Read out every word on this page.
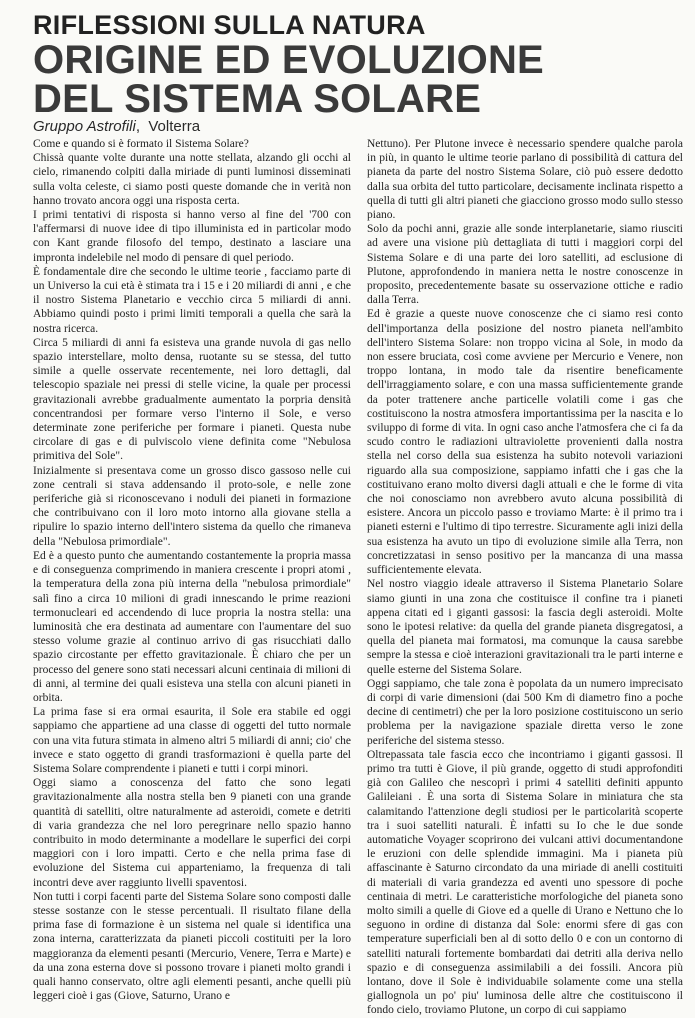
RIFLESSIONI SULLA NATURA
ORIGINE ED EVOLUZIONE
DEL SISTEMA SOLARE
Gruppo Astrofili, Volterra

Come e quando si è formato il Sistema Solare?

Chissà quante volte durante una notte stellata, alzando gli occhi al cielo, rimanendo colpiti dalla miriade di punti luminosi disseminati sulla volta celeste, ci siamo posti queste domande che in verità non hanno trovato ancora oggi una risposta certa.

I primi tentativi di risposta si hanno verso al fine del '700 con l'affermarsi di nuove idee di tipo illuminista ed in particolar modo con Kant grande filosofo del tempo, destinato a lasciare una impronta indelebile nel modo di pensare di quel periodo.

È fondamentale dire che secondo le ultime teorie , facciamo parte di un Universo la cui età è stimata tra i 15 e i 20 miliardi di anni , e che il nostro Sistema Planetario e vecchio circa 5 miliardi di anni. Abbiamo quindi posto i primi limiti temporali a quella che sarà la nostra ricerca.

Circa 5 miliardi di anni fa esisteva una grande nuvola di gas nello spazio interstellare, molto densa, ruotante su se stessa, del tutto simile a quelle osservate recentemente, nei loro dettagli, dal telescopio spaziale nei pressi di stelle vicine, la quale per processi gravitazionali avrebbe gradualmente aumentato la porpria densità concentrandosi per formare verso l'interno il Sole, e verso determinate zone periferiche per formare i pianeti. Questa nube circolare di gas e di pulviscolo viene definita come "Nebulosa primitiva del Sole".

Inizialmente si presentava come un grosso disco gassoso nelle cui zone centrali si stava addensando il proto-sole, e nelle zone periferiche già si riconoscevano i noduli dei pianeti in formazione che contribuivano con il loro moto intorno alla giovane stella a ripulire lo spazio interno dell'intero sistema da quello che rimaneva della "Nebulosa primordiale".

Ed è a questo punto che aumentando costantemente la propria massa e di conseguenza comprimendo in maniera crescente i propri atomi , la temperatura della zona più interna della "nebulosa primordiale" salì fino a circa 10 milioni di gradi innescando le prime reazioni termonucleari ed accendendo di luce propria la nostra stella: una luminosità che era destinata ad aumentare con l'aumentare del suo stesso volume grazie al continuo arrivo di gas risucchiati dallo spazio circostante per effetto gravitazionale. È chiaro che per un processo del genere sono stati necessari alcuni centinaia di milioni di di anni, al termine dei quali esisteva una stella con alcuni pianeti in orbita.

La prima fase si era ormai esaurita, il Sole era stabile ed oggi sappiamo che appartiene ad una classe di oggetti del tutto normale con una vita futura stimata in almeno altri 5 miliardi di anni; cio' che invece e stato oggetto di grandi trasformazioni è quella parte del Sistema Solare comprendente i pianeti e tutti i corpi minori.

Oggi siamo a conoscenza del fatto che sono legati gravitazionalmente alla nostra stella ben 9 pianeti con una grande quantità di satelliti, oltre naturalmente ad asteroidi, comete e detriti di varia grandezza che nel loro peregrinare nello spazio hanno contribuito in modo determinante a modellare le superfici dei corpi maggiori con i loro impatti. Certo e che nella prima fase di evoluzione del Sistema cui apparteniamo, la frequenza di tali incontri deve aver raggiunto livelli spaventosi.

Non tutti i corpi facenti parte del Sistema Solare sono composti dalle stesse sostanze con le stesse percentuali. Il risultato filane della prima fase di formazione è un sistema nel quale si identifica una zona interna, caratterizzata da pianeti piccoli costituiti per la loro maggioranza da elementi pesanti (Mercurio, Venere, Terra e Marte) e da una zona esterna dove si possono trovare i pianeti molto grandi i quali hanno conservato, oltre agli elementi pesanti, anche quelli più leggeri cioè i gas (Giove, Saturno, Urano e

Nettuno). Per Plutone invece è necessario spendere qualche parola in più, in quanto le ultime teorie parlano di possibilità di cattura del pianeta da parte del nostro Sistema Solare, ciò può essere dedotto dalla sua orbita del tutto particolare, decisamente inclinata rispetto a quella di tutti gli altri pianeti che giacciono grosso modo sullo stesso piano.

Solo da pochi anni, grazie alle sonde interplanetarie, siamo riusciti ad avere una visione più dettagliata di tutti i maggiori corpi del Sistema Solare e di una parte dei loro satelliti, ad esclusione di Plutone, approfondendo in maniera netta le nostre conoscenze in proposito, precedentemente basate su osservazione ottiche e radio dalla Terra.

Ed è grazie a queste nuove conoscenze che ci siamo resi conto dell'importanza della posizione del nostro pianeta nell'ambito dell'intero Sistema Solare: non troppo vicina al Sole, in modo da non essere bruciata, così come avviene per Mercurio e Venere, non troppo lontana, in modo tale da risentire beneficamente dell'irraggiamento solare, e con una massa sufficientemente grande da poter trattenere anche particelle volatili come i gas che costituiscono la nostra atmosfera importantissima per la nascita e lo sviluppo di forme di vita. In ogni caso anche l'atmosfera che ci fa da scudo contro le radiazioni ultraviolette provenienti dalla nostra stella nel corso della sua esistenza ha subito notevoli variazioni riguardo alla sua composizione, sappiamo infatti che i gas che la costituivano erano molto diversi dagli attuali e che le forme di vita che noi conosciamo non avrebbero avuto alcuna possibilità di esistere. Ancora un piccolo passo e troviamo Marte: è il primo tra i pianeti esterni e l'ultimo di tipo terrestre. Sicuramente agli inizi della sua esistenza ha avuto un tipo di evoluzione simile alla Terra, non concretizzatasi in senso positivo per la mancanza di una massa sufficientemente elevata.

Nel nostro viaggio ideale attraverso il Sistema Planetario Solare siamo giunti in una zona che costituisce il confine tra i pianeti appena citati ed i giganti gassosi: la fascia degli asteroidi. Molte sono le ipotesi relative: da quella del grande pianeta disgregatosi, a quella del pianeta mai formatosi, ma comunque la causa sarebbe sempre la stessa e cioè interazioni gravitazionali tra le parti interne e quelle esterne del Sistema Solare.

Oggi sappiamo, che tale zona è popolata da un numero imprecisato di corpi di varie dimensioni (dai 500 Km di diametro fino a poche decine di centimetri) che per la loro posizione costituiscono un serio problema per la navigazione spaziale diretta verso le zone periferiche del sistema stesso.

Oltrepassata tale fascia ecco che incontriamo i giganti gassosi. Il primo tra tutti è Giove, il più grande, oggetto di studi approfonditi già con Galileo che nescoprì i primi 4 satelliti definiti appunto Galileiani . È una sorta di Sistema Solare in miniatura che sta calamitando l'attenzione degli studiosi per le particolarità scoperte tra i suoi satelliti naturali. È infatti su Io che le due sonde automatiche Voyager scoprirono dei vulcani attivi documentandone le eruzioni con delle splendide immagini. Ma i pianeta più affascinante è Saturno circondato da una miriade di anelli costituiti di materiali di varia grandezza ed aventi uno spessore di poche centinaia di metri. Le caratteristiche morfologiche del pianeta sono molto simili a quelle di Giove ed a quelle di Urano e Nettuno che lo seguono in ordine di distanza dal Sole: enormi sfere di gas con temperature superficiali ben al di sotto dello 0 e con un contorno di satelliti naturali fortemente bombardati dai detriti alla deriva nello spazio e di conseguenza assimilabili a dei fossili. Ancora più lontano, dove il Sole è individuabile solamente come una stella giallognola un po' piu' luminosa delle altre che costituiscono il fondo cielo, troviamo Plutone, un corpo di cui sappiamo
